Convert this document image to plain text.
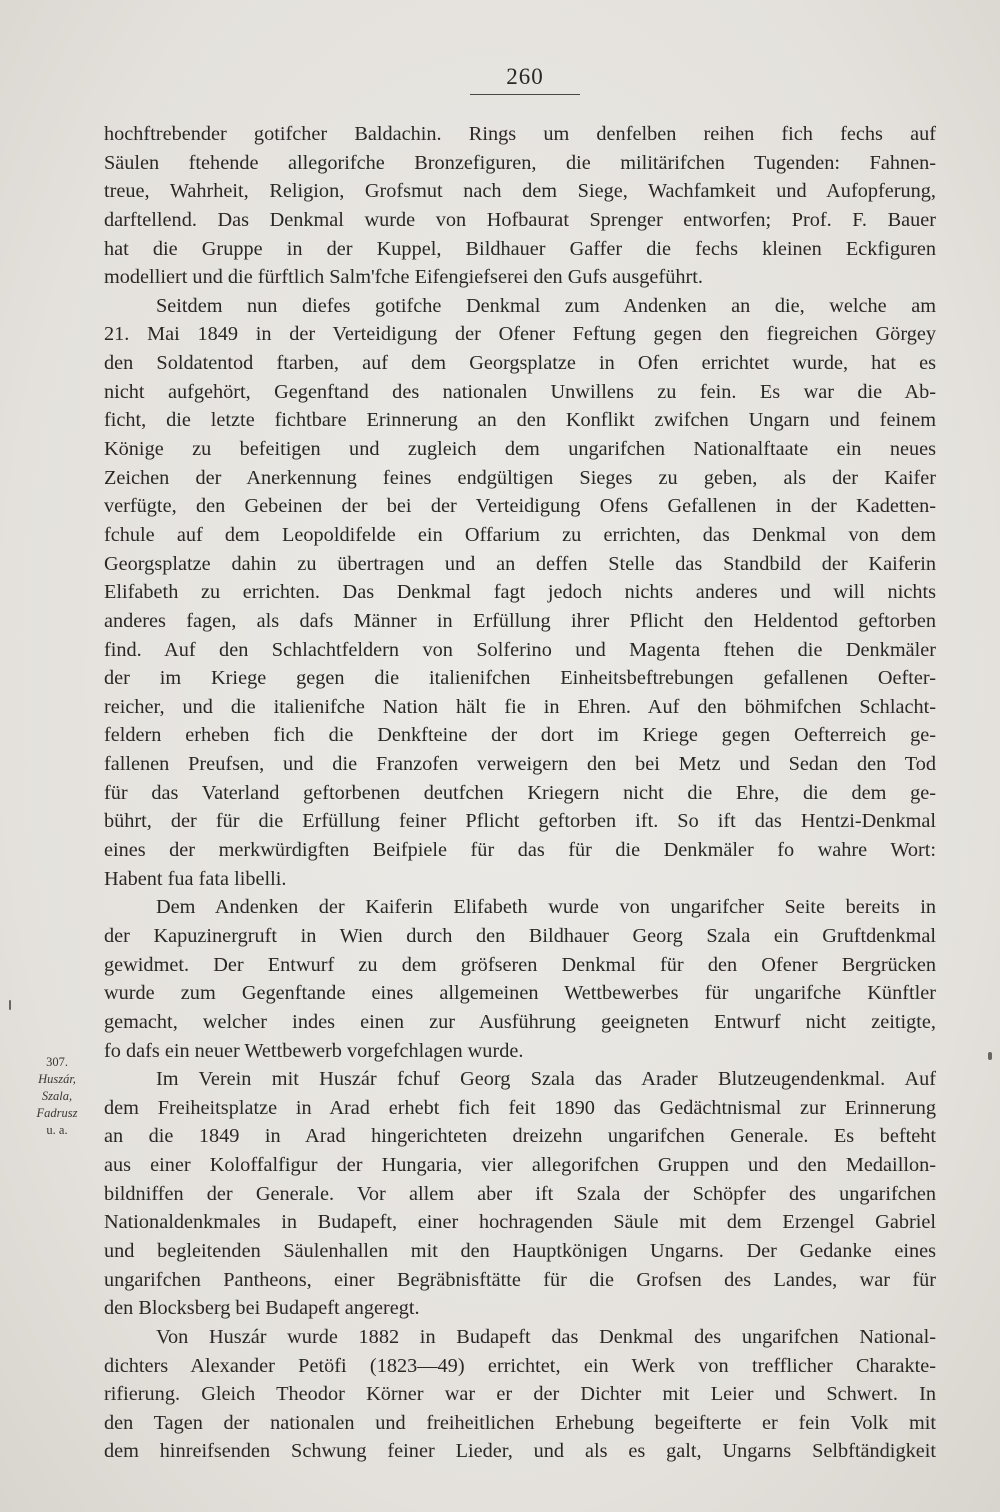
260
307.
Huszár,
Szala,
Fadrusz
u. a.
hochftrebender gotifcher Baldachin. Rings um denfelben reihen fich fechs auf
Säulen ftehende allegorifche Bronzefiguren, die militärifchen Tugenden: Fahnen-
treue, Wahrheit, Religion, Grofsmut nach dem Siege, Wachfamkeit und Aufopferung,
darftellend. Das Denkmal wurde von Hofbaurat Sprenger entworfen; Prof. F. Bauer
hat die Gruppe in der Kuppel, Bildhauer Gaffer die fechs kleinen Eckfiguren
modelliert und die fürftlich Salm'fche Eifengiefserei den Gufs ausgeführt.
Seitdem nun diefes gotifche Denkmal zum Andenken an die, welche am
21. Mai 1849 in der Verteidigung der Ofener Feftung gegen den fiegreichen Görgey
den Soldatentod ftarben, auf dem Georgsplatze in Ofen errichtet wurde, hat es
nicht aufgehört, Gegenftand des nationalen Unwillens zu fein. Es war die Ab-
ficht, die letzte fichtbare Erinnerung an den Konflikt zwifchen Ungarn und feinem
Könige zu befeitigen und zugleich dem ungarifchen Nationalftaate ein neues
Zeichen der Anerkennung feines endgültigen Sieges zu geben, als der Kaifer
verfügte, den Gebeinen der bei der Verteidigung Ofens Gefallenen in der Kadetten-
fchule auf dem Leopoldifelde ein Offarium zu errichten, das Denkmal von dem
Georgsplatze dahin zu übertragen und an deffen Stelle das Standbild der Kaiferin
Elifabeth zu errichten. Das Denkmal fagt jedoch nichts anderes und will nichts
anderes fagen, als dafs Männer in Erfüllung ihrer Pflicht den Heldentod geftorben
find. Auf den Schlachtfeldern von Solferino und Magenta ftehen die Denkmäler
der im Kriege gegen die italienifchen Einheitsbeftrebungen gefallenen Oefter-
reicher, und die italienifche Nation hält fie in Ehren. Auf den böhmifchen Schlacht-
feldern erheben fich die Denkfteine der dort im Kriege gegen Oefterreich ge-
fallenen Preufsen, und die Franzofen verweigern den bei Metz und Sedan den Tod
für das Vaterland geftorbenen deutfchen Kriegern nicht die Ehre, die dem ge-
bührt, der für die Erfüllung feiner Pflicht geftorben ift. So ift das Hentzi-Denkmal
eines der merkwürdigften Beifpiele für das für die Denkmäler fo wahre Wort:
Habent fua fata libelli.
Dem Andenken der Kaiferin Elifabeth wurde von ungarifcher Seite bereits in
der Kapuzinergruft in Wien durch den Bildhauer Georg Szala ein Gruftdenkmal
gewidmet. Der Entwurf zu dem gröfseren Denkmal für den Ofener Bergrücken
wurde zum Gegenftande eines allgemeinen Wettbewerbes für ungarifche Künftler
gemacht, welcher indes einen zur Ausführung geeigneten Entwurf nicht zeitigte,
fo dafs ein neuer Wettbewerb vorgefchlagen wurde.
Im Verein mit Huszár fchuf Georg Szala das Arader Blutzeugendenkmal. Auf
dem Freiheitsplatze in Arad erhebt fich feit 1890 das Gedächtnismal zur Erinnerung
an die 1849 in Arad hingerichteten dreizehn ungarifchen Generale. Es befteht
aus einer Koloffalfigur der Hungaria, vier allegorifchen Gruppen und den Medaillon-
bildniffen der Generale. Vor allem aber ift Szala der Schöpfer des ungarifchen
Nationaldenkmales in Budapeft, einer hochragenden Säule mit dem Erzengel Gabriel
und begleitenden Säulenhallen mit den Hauptkönigen Ungarns. Der Gedanke eines
ungarifchen Pantheons, einer Begräbnisftätte für die Grofsen des Landes, war für
den Blocksberg bei Budapeft angeregt.
Von Huszár wurde 1882 in Budapeft das Denkmal des ungarifchen National-
dichters Alexander Petöfi (1823—49) errichtet, ein Werk von trefflicher Charakte-
rifierung. Gleich Theodor Körner war er der Dichter mit Leier und Schwert. In
den Tagen der nationalen und freiheitlichen Erhebung begeifterte er fein Volk mit
dem hinreifsenden Schwung feiner Lieder, und als es galt, Ungarns Selbftändigkeit
